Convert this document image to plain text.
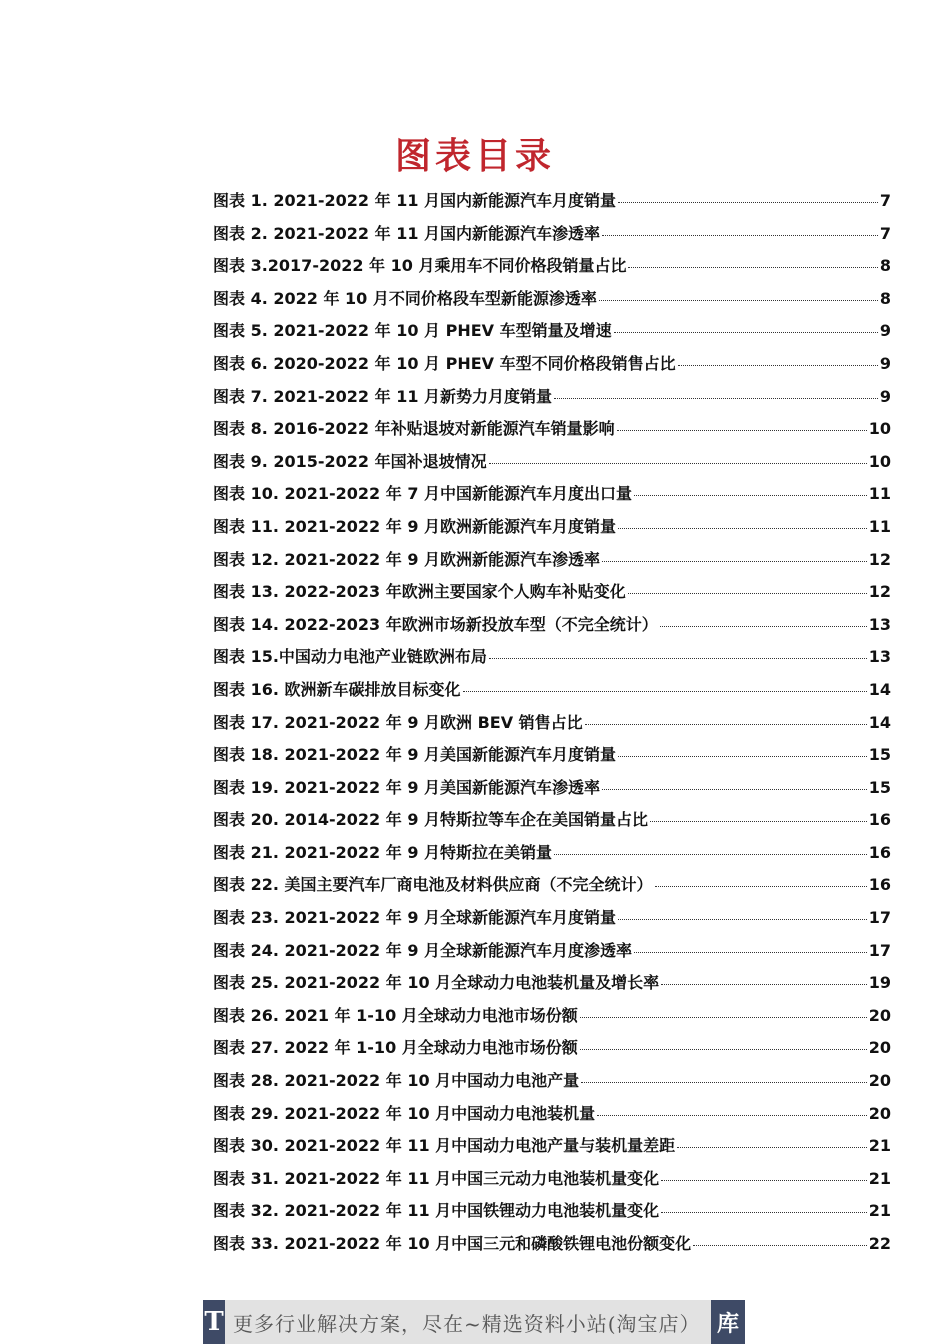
图表目录
图表 1. 2021-2022 年 11 月国内新能源汽车月度销量	7
图表 2. 2021-2022 年 11 月国内新能源汽车渗透率	7
图表 3.2017-2022 年 10 月乘用车不同价格段销量占比	8
图表 4. 2022 年 10 月不同价格段车型新能源渗透率	8
图表 5. 2021-2022 年 10 月 PHEV 车型销量及增速	9
图表 6. 2020-2022 年 10 月 PHEV 车型不同价格段销售占比	9
图表 7. 2021-2022 年 11 月新势力月度销量	9
图表 8. 2016-2022 年补贴退坡对新能源汽车销量影响	10
图表 9. 2015-2022 年国补退坡情况	10
图表 10. 2021-2022 年 7 月中国新能源汽车月度出口量	11
图表 11. 2021-2022 年 9 月欧洲新能源汽车月度销量	11
图表 12. 2021-2022 年 9 月欧洲新能源汽车渗透率	12
图表 13. 2022-2023 年欧洲主要国家个人购车补贴变化	12
图表 14. 2022-2023 年欧洲市场新投放车型（不完全统计）	13
图表 15.中国动力电池产业链欧洲布局	13
图表 16. 欧洲新车碳排放目标变化	14
图表 17. 2021-2022 年 9 月欧洲 BEV 销售占比	14
图表 18. 2021-2022 年 9 月美国新能源汽车月度销量	15
图表 19. 2021-2022 年 9 月美国新能源汽车渗透率	15
图表 20. 2014-2022 年 9 月特斯拉等车企在美国销量占比	16
图表 21. 2021-2022 年 9 月特斯拉在美销量	16
图表 22. 美国主要汽车厂商电池及材料供应商（不完全统计）	16
图表 23. 2021-2022 年 9 月全球新能源汽车月度销量	17
图表 24. 2021-2022 年 9 月全球新能源汽车月度渗透率	17
图表 25. 2021-2022 年 10 月全球动力电池装机量及增长率	19
图表 26. 2021 年 1-10 月全球动力电池市场份额	20
图表 27. 2022 年 1-10 月全球动力电池市场份额	20
图表 28. 2021-2022 年 10 月中国动力电池产量	20
图表 29. 2021-2022 年 10 月中国动力电池装机量	20
图表 30. 2021-2022 年 11 月中国动力电池产量与装机量差距	21
图表 31. 2021-2022 年 11 月中国三元动力电池装机量变化	21
图表 32. 2021-2022 年 11 月中国铁锂动力电池装机量变化	21
图表 33. 2021-2022 年 10 月中国三元和磷酸铁锂电池份额变化	22
T 更多行业解决方案，尽在~精选资料小站(淘宝店） 库
